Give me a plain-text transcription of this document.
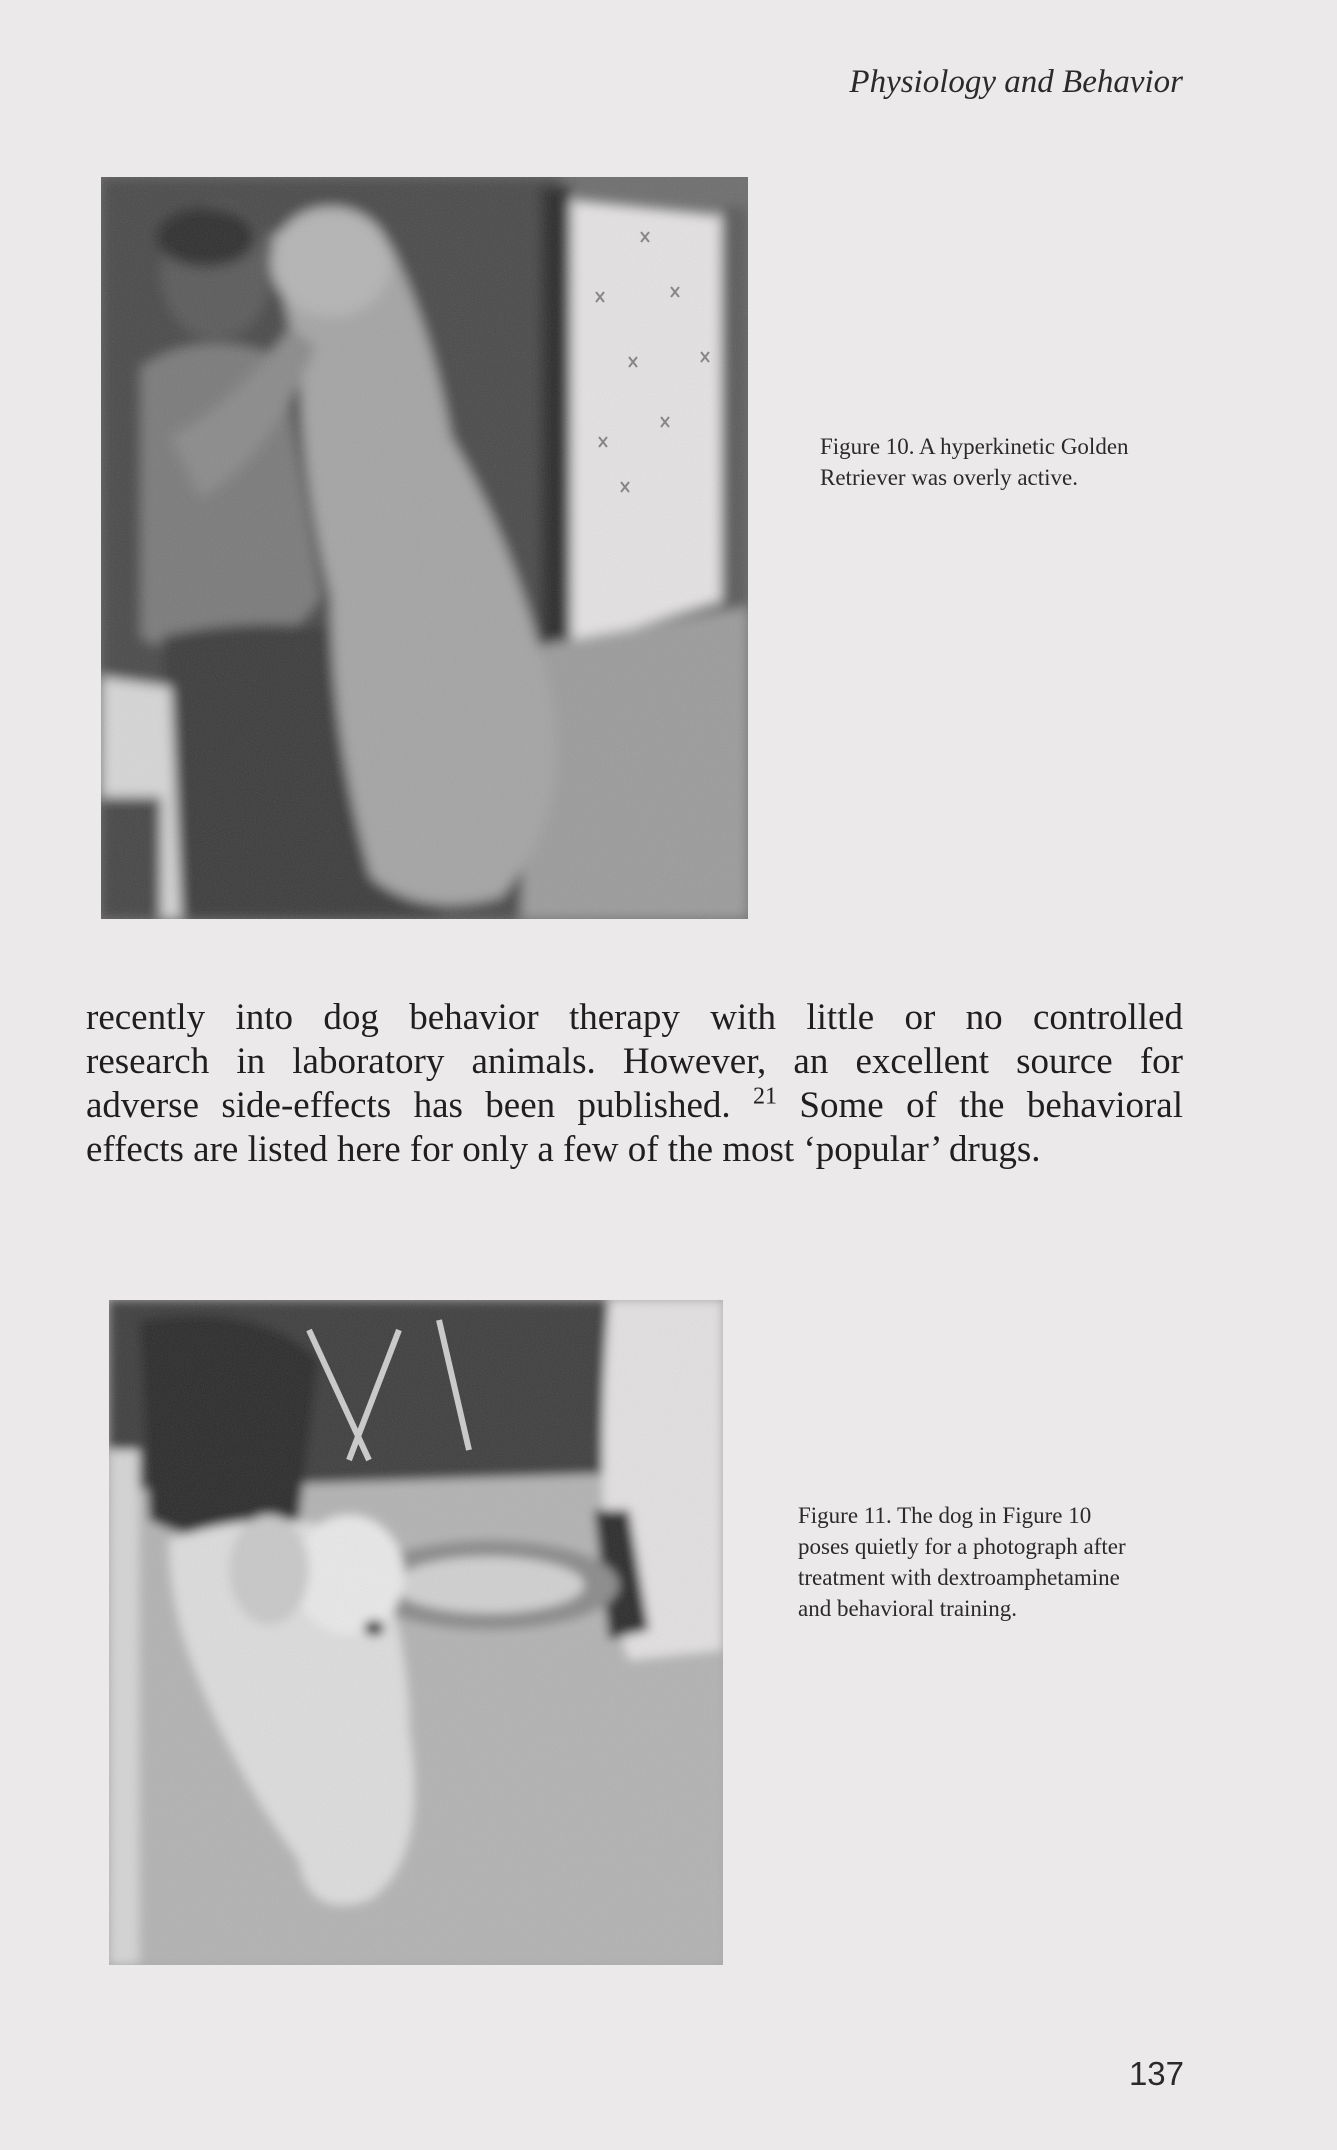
Physiology and Behavior
Figure 10. A hyperkinetic Golden
Retriever was overly active.
recently into dog behavior therapy with little or no controlled
research in laboratory animals. However, an excellent source for
adverse side-effects has been published. $^{21}$ Some of the behavioral
effects are listed here for only a few of the most ‘popular’ drugs.
Figure 11. The dog in Figure 10
poses quietly for a photograph after
treatment with dextroamphetamine
and behavioral training.
137
